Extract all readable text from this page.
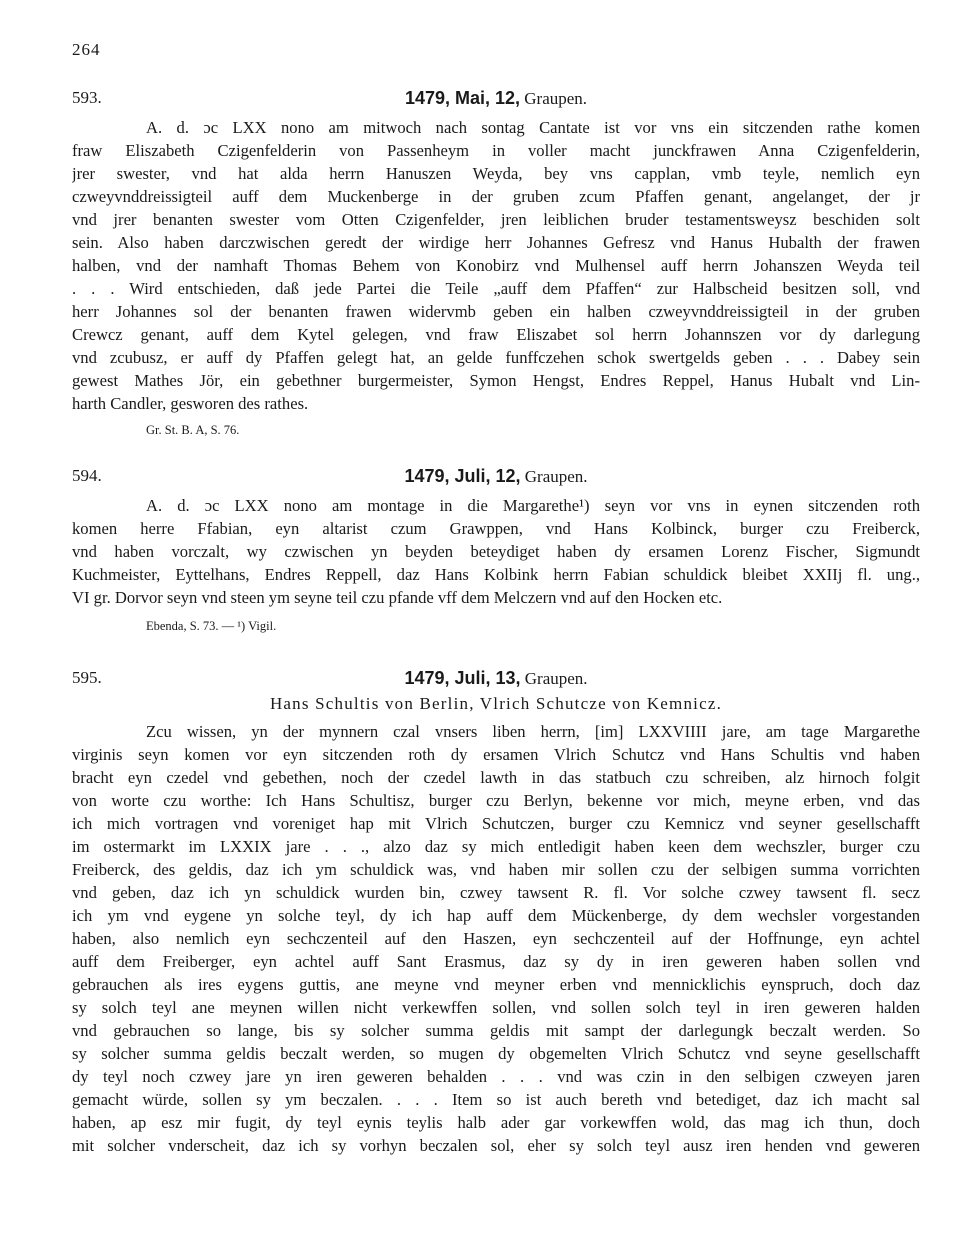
264
593.	1479, Mai, 12, Graupen.
A. d. ɔc LXX nono am mitwoch nach sontag Cantate ist vor vns ein sitczenden rathe komen
fraw Eliszabeth Czigenfelderin von Passenheym in voller macht junckfrawen Anna Czigenfelderin,
jrer swester, vnd hat alda herrn Hanuszen Weyda, bey vns capplan, vmb teyle, nemlich eyn
czweyvnddreissigteil auff dem Muckenberge in der gruben zcum Pfaffen genant, angelanget, der jr
vnd jrer benanten swester vom Otten Czigenfelder, jren leiblichen bruder testamentsweysz beschiden solt
sein. Also haben darczwischen geredt der wirdige herr Johannes Gefresz vnd Hanus Hubalth der frawen
halben, vnd der namhaft Thomas Behem von Konobirz vnd Mulhensel auff herrn Johanszen Weyda teil
. . . Wird entschieden, daß jede Partei die Teile „auff dem Pfaffen“ zur Halbscheid besitzen soll, vnd
herr Johannes sol der benanten frawen widervmb geben ein halben czweyvnddreissigteil in der gruben
Crewcz genant, auff dem Kytel gelegen, vnd fraw Eliszabet sol herrn Johannszen vor dy darlegung
vnd zcubusz, er auff dy Pfaffen gelegt hat, an gelde funffczehen schok swertgelds geben . . . Dabey sein
gewest Mathes Jör, ein gebethner burgermeister, Symon Hengst, Endres Reppel, Hanus Hubalt vnd Lin-
harth Candler, gesworen des rathes.
Gr. St. B. A, S. 76.
594.	1479, Juli, 12, Graupen.
A. d. ɔc LXX nono am montage in die Margarethe¹) seyn vor vns in eynen sitczenden roth
komen herre Ffabian, eyn altarist czum Grawppen, vnd Hans Kolbinck, burger czu Freiberck,
vnd haben vorczalt, wy czwischen yn beyden beteydiget haben dy ersamen Lorenz Fischer, Sigmundt
Kuchmeister, Eyttelhans, Endres Reppell, daz Hans Kolbink herrn Fabian schuldick bleibet XXIIj fl. ung.,
VI gr. Dorvor seyn vnd steen ym seyne teil czu pfande vff dem Melczern vnd auf den Hocken etc.
Ebenda, S. 73. — ¹) Vigil.
595.	1479, Juli, 13, Graupen.
Hans Schultis von Berlin, Vlrich Schutcze von Kemnicz.
Zcu wissen, yn der mynnern czal vnsers liben herrn, [im] LXXVIIII jare, am tage Margarethe
virginis seyn komen vor eyn sitczenden roth dy ersamen Vlrich Schutcz vnd Hans Schultis vnd haben
bracht eyn czedel vnd gebethen, noch der czedel lawth in das statbuch czu schreiben, alz hirnoch folgit
von worte czu worthe: Ich Hans Schultisz, burger czu Berlyn, bekenne vor mich, meyne erben, vnd das
ich mich vortragen vnd voreniget hap mit Vlrich Schutczen, burger czu Kemnicz vnd seyner gesellschafft
im ostermarkt im LXXIX jare . . ., alzo daz sy mich entledigit haben keen dem wechszler, burger czu
Freiberck, des geldis, daz ich ym schuldick was, vnd haben mir sollen czu der selbigen summa vorrichten
vnd geben, daz ich yn schuldick wurden bin, czwey tawsent R. fl. Vor solche czwey tawsent fl. secz
ich ym vnd eygene yn solche teyl, dy ich hap auff dem Mückenberge, dy dem wechsler vorgestanden
haben, also nemlich eyn sechczenteil auf den Haszen, eyn sechczenteil auf der Hoffnunge, eyn achtel
auff dem Freiberger, eyn achtel auff Sant Erasmus, daz sy dy in iren geweren haben sollen vnd
gebrauchen als ires eygens guttis, ane meyne vnd meyner erben vnd mennicklichis eynspruch, doch daz
sy solch teyl ane meynen willen nicht verkewffen sollen, vnd sollen solch teyl in iren geweren halden
vnd gebrauchen so lange, bis sy solcher summa geldis mit sampt der darlegungk beczalt werden. So
sy solcher summa geldis beczalt werden, so mugen dy obgemelten Vlrich Schutcz vnd seyne gesellschafft
dy teyl noch czwey jare yn iren geweren behalden . . . vnd was czin in den selbigen czweyen jaren
gemacht würde, sollen sy ym beczalen. . . . Item so ist auch bereth vnd betediget, daz ich macht sal
haben, ap esz mir fugit, dy teyl eynis teylis halb ader gar vorkewffen wold, das mag ich thun, doch
mit solcher vnderscheit, daz ich sy vorhyn beczalen sol, eher sy solch teyl ausz iren henden vnd geweren
